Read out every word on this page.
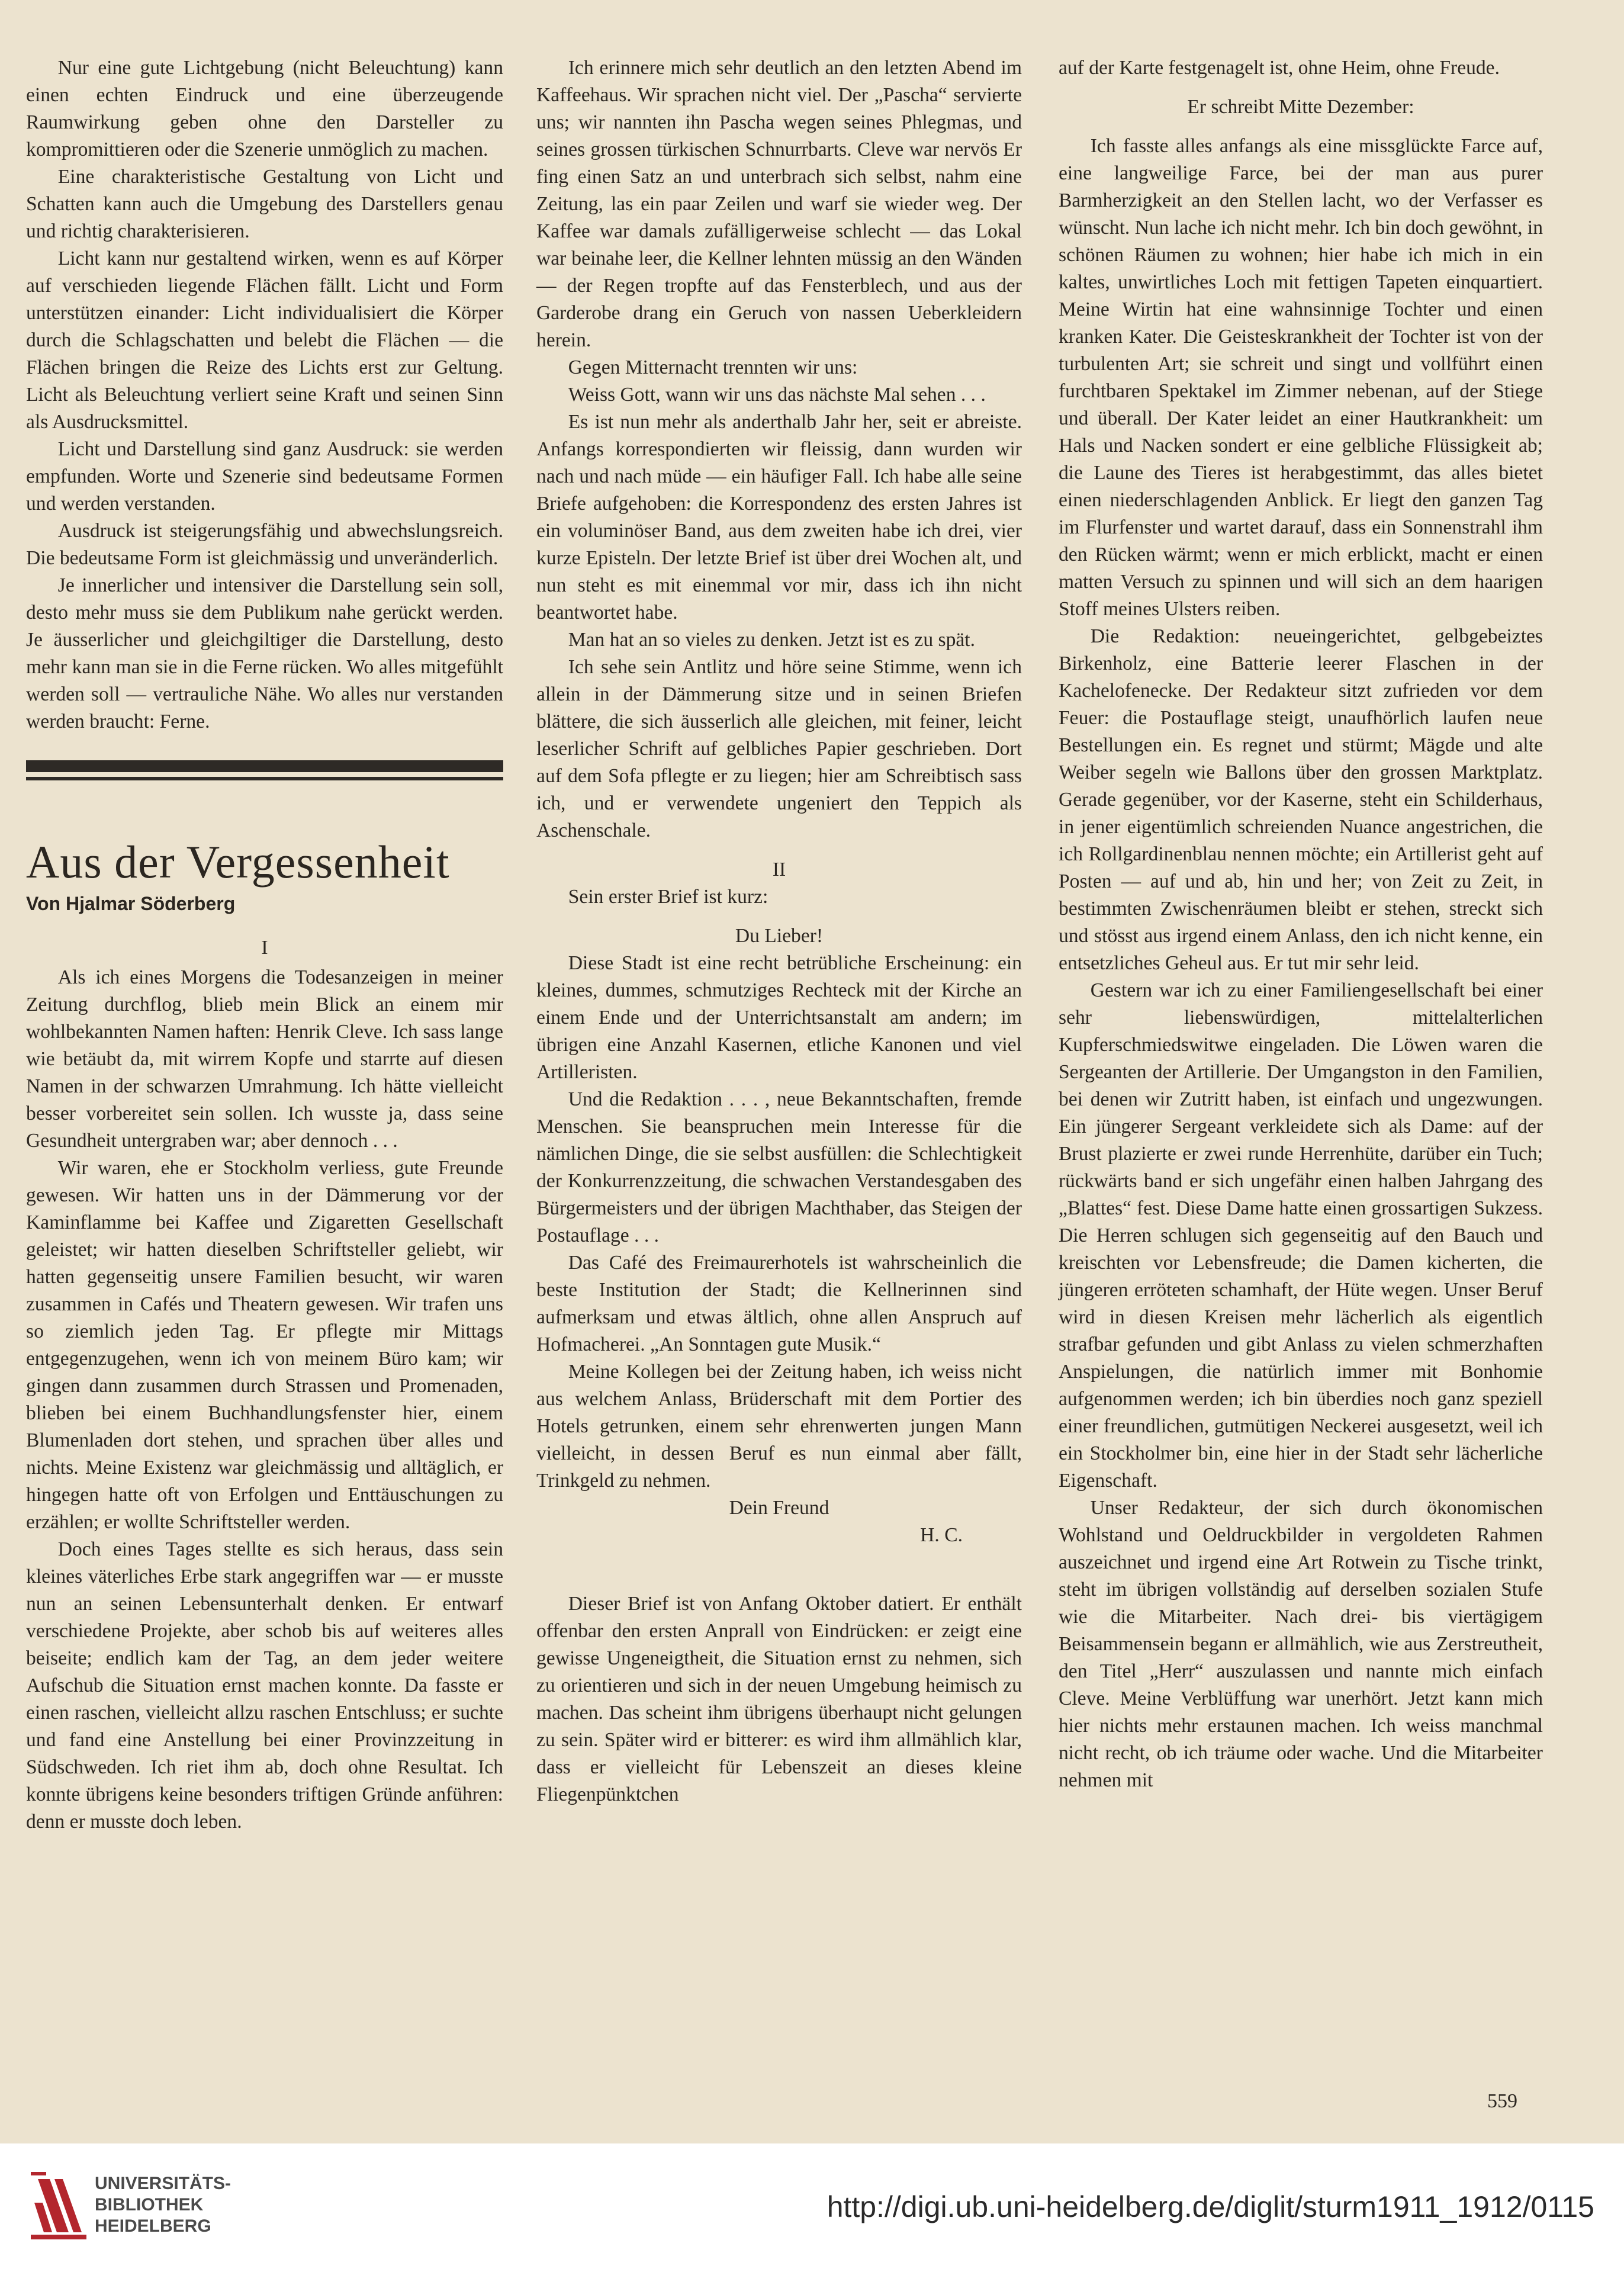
Nur eine gute Lichtgebung (nicht Beleuchtung) kann einen echten Eindruck und eine überzeugende Raumwirkung geben ohne den Darsteller zu kompromittieren oder die Szenerie unmöglich zu machen.

Eine charakteristische Gestaltung von Licht und Schatten kann auch die Umgebung des Darstellers genau und richtig charakterisieren.

Licht kann nur gestaltend wirken, wenn es auf Körper auf verschieden liegende Flächen fällt. Licht und Form unterstützen einander: Licht individualisiert die Körper durch die Schlagschatten und belebt die Flächen — die Flächen bringen die Reize des Lichts erst zur Geltung. Licht als Beleuchtung verliert seine Kraft und seinen Sinn als Ausdrucksmittel.

Licht und Darstellung sind ganz Ausdruck: sie werden empfunden. Worte und Szenerie sind bedeutsame Formen und werden verstanden.

Ausdruck ist steigerungsfähig und abwechslungsreich. Die bedeutsame Form ist gleichmässig und unveränderlich.

Je innerlicher und intensiver die Darstellung sein soll, desto mehr muss sie dem Publikum nahe gerückt werden. Je äusserlicher und gleichgiltiger die Darstellung, desto mehr kann man sie in die Ferne rücken. Wo alles mitgefühlt werden soll — vertrauliche Nähe. Wo alles nur verstanden werden braucht: Ferne.

Aus der Vergessenheit
Von Hjalmar Söderberg
I

Als ich eines Morgens die Todesanzeigen in meiner Zeitung durchflog, blieb mein Blick an einem mir wohlbekannten Namen haften: Henrik Cleve. Ich sass lange wie betäubt da, mit wirrem Kopfe und starrte auf diesen Namen in der schwarzen Umrahmung. Ich hätte vielleicht besser vorbereitet sein sollen. Ich wusste ja, dass seine Gesundheit untergraben war; aber dennoch . . .

Wir waren, ehe er Stockholm verliess, gute Freunde gewesen. Wir hatten uns in der Dämmerung vor der Kaminflamme bei Kaffee und Zigaretten Gesellschaft geleistet; wir hatten dieselben Schriftsteller geliebt, wir hatten gegenseitig unsere Familien besucht, wir waren zusammen in Cafés und Theatern gewesen. Wir trafen uns so ziemlich jeden Tag. Er pflegte mir Mittags entgegenzugehen, wenn ich von meinem Büro kam; wir gingen dann zusammen durch Strassen und Promenaden, blieben bei einem Buchhandlungsfenster hier, einem Blumenladen dort stehen, und sprachen über alles und nichts. Meine Existenz war gleichmässig und alltäglich, er hingegen hatte oft von Erfolgen und Enttäuschungen zu erzählen; er wollte Schriftsteller werden.

Doch eines Tages stellte es sich heraus, dass sein kleines väterliches Erbe stark angegriffen war — er musste nun an seinen Lebensunterhalt denken. Er entwarf verschiedene Projekte, aber schob bis auf weiteres alles beiseite; endlich kam der Tag, an dem jeder weitere Aufschub die Situation ernst machen konnte. Da fasste er einen raschen, vielleicht allzu raschen Entschluss; er suchte und fand eine Anstellung bei einer Provinzzeitung in Südschweden. Ich riet ihm ab, doch ohne Resultat. Ich konnte übrigens keine besonders triftigen Gründe anführen: denn er musste doch leben.

Ich erinnere mich sehr deutlich an den letzten Abend im Kaffeehaus. Wir sprachen nicht viel. Der „Pascha“ servierte uns; wir nannten ihn Pascha wegen seines Phlegmas, und seines grossen türkischen Schnurrbarts. Cleve war nervös Er fing einen Satz an und unterbrach sich selbst, nahm eine Zeitung, las ein paar Zeilen und warf sie wieder weg. Der Kaffee war damals zufälligerweise schlecht — das Lokal war beinahe leer, die Kellner lehnten müssig an den Wänden — der Regen tropfte auf das Fensterblech, und aus der Garderobe drang ein Geruch von nassen Ueberkleidern herein.

Gegen Mitternacht trennten wir uns:

Weiss Gott, wann wir uns das nächste Mal sehen . . .

Es ist nun mehr als anderthalb Jahr her, seit er abreiste. Anfangs korrespondierten wir fleissig, dann wurden wir nach und nach müde — ein häufiger Fall. Ich habe alle seine Briefe aufgehoben: die Korrespondenz des ersten Jahres ist ein voluminöser Band, aus dem zweiten habe ich drei, vier kurze Episteln. Der letzte Brief ist über drei Wochen alt, und nun steht es mit einemmal vor mir, dass ich ihn nicht beantwortet habe.

Man hat an so vieles zu denken. Jetzt ist es zu spät.

Ich sehe sein Antlitz und höre seine Stimme, wenn ich allein in der Dämmerung sitze und in seinen Briefen blättere, die sich äusserlich alle gleichen, mit feiner, leicht leserlicher Schrift auf gelbliches Papier geschrieben. Dort auf dem Sofa pflegte er zu liegen; hier am Schreibtisch sass ich, und er verwendete ungeniert den Teppich als Aschenschale.

II

Sein erster Brief ist kurz:

Du Lieber!

Diese Stadt ist eine recht betrübliche Erscheinung: ein kleines, dummes, schmutziges Rechteck mit der Kirche an einem Ende und der Unterrichtsanstalt am andern; im übrigen eine Anzahl Kasernen, etliche Kanonen und viel Artilleristen.

Und die Redaktion . . . , neue Bekanntschaften, fremde Menschen. Sie beanspruchen mein Interesse für die nämlichen Dinge, die sie selbst ausfüllen: die Schlechtigkeit der Konkurrenzzeitung, die schwachen Verstandesgaben des Bürgermeisters und der übrigen Machthaber, das Steigen der Postauflage . . .

Das Café des Freimaurerhotels ist wahrscheinlich die beste Institution der Stadt; die Kellnerinnen sind aufmerksam und etwas ältlich, ohne allen Anspruch auf Hofmacherei. „An Sonntagen gute Musik.“

Meine Kollegen bei der Zeitung haben, ich weiss nicht aus welchem Anlass, Brüderschaft mit dem Portier des Hotels getrunken, einem sehr ehrenwerten jungen Mann vielleicht, in dessen Beruf es nun einmal aber fällt, Trinkgeld zu nehmen.

Dein Freund

H. C.

Dieser Brief ist von Anfang Oktober datiert. Er enthält offenbar den ersten Anprall von Eindrücken: er zeigt eine gewisse Ungeneigtheit, die Situation ernst zu nehmen, sich zu orientieren und sich in der neuen Umgebung heimisch zu machen. Das scheint ihm übrigens überhaupt nicht gelungen zu sein. Später wird er bitterer: es wird ihm allmählich klar, dass er vielleicht für Lebenszeit an dieses kleine Fliegenpünktchen

auf der Karte festgenagelt ist, ohne Heim, ohne Freude.

Er schreibt Mitte Dezember:

Ich fasste alles anfangs als eine missglückte Farce auf, eine langweilige Farce, bei der man aus purer Barmherzigkeit an den Stellen lacht, wo der Verfasser es wünscht. Nun lache ich nicht mehr. Ich bin doch gewöhnt, in schönen Räumen zu wohnen; hier habe ich mich in ein kaltes, unwirtliches Loch mit fettigen Tapeten einquartiert. Meine Wirtin hat eine wahnsinnige Tochter und einen kranken Kater. Die Geisteskrankheit der Tochter ist von der turbulenten Art; sie schreit und singt und vollführt einen furchtbaren Spektakel im Zimmer nebenan, auf der Stiege und überall. Der Kater leidet an einer Hautkrankheit: um Hals und Nacken sondert er eine gelbliche Flüssigkeit ab; die Laune des Tieres ist herabgestimmt, das alles bietet einen niederschlagenden Anblick. Er liegt den ganzen Tag im Flurfenster und wartet darauf, dass ein Sonnenstrahl ihm den Rücken wärmt; wenn er mich erblickt, macht er einen matten Versuch zu spinnen und will sich an dem haarigen Stoff meines Ulsters reiben.

Die Redaktion: neueingerichtet, gelbgebeiztes Birkenholz, eine Batterie leerer Flaschen in der Kachelofenecke. Der Redakteur sitzt zufrieden vor dem Feuer: die Postauflage steigt, unaufhörlich laufen neue Bestellungen ein. Es regnet und stürmt; Mägde und alte Weiber segeln wie Ballons über den grossen Marktplatz. Gerade gegenüber, vor der Kaserne, steht ein Schilderhaus, in jener eigentümlich schreienden Nuance angestrichen, die ich Rollgardinenblau nennen möchte; ein Artillerist geht auf Posten — auf und ab, hin und her; von Zeit zu Zeit, in bestimmten Zwischenräumen bleibt er stehen, streckt sich und stösst aus irgend einem Anlass, den ich nicht kenne, ein entsetzliches Geheul aus. Er tut mir sehr leid.

Gestern war ich zu einer Familiengesellschaft bei einer sehr liebenswürdigen, mittelalterlichen Kupferschmiedswitwe eingeladen. Die Löwen waren die Sergeanten der Artillerie. Der Umgangston in den Familien, bei denen wir Zutritt haben, ist einfach und ungezwungen. Ein jüngerer Sergeant verkleidete sich als Dame: auf der Brust plazierte er zwei runde Herrenhüte, darüber ein Tuch; rückwärts band er sich ungefähr einen halben Jahrgang des „Blattes“ fest. Diese Dame hatte einen grossartigen Sukzess. Die Herren schlugen sich gegenseitig auf den Bauch und kreischten vor Lebensfreude; die Damen kicherten, die jüngeren erröteten schamhaft, der Hüte wegen. Unser Beruf wird in diesen Kreisen mehr lächerlich als eigentlich strafbar gefunden und gibt Anlass zu vielen schmerzhaften Anspielungen, die natürlich immer mit Bonhomie aufgenommen werden; ich bin überdies noch ganz speziell einer freundlichen, gutmütigen Neckerei ausgesetzt, weil ich ein Stockholmer bin, eine hier in der Stadt sehr lächerliche Eigenschaft.

Unser Redakteur, der sich durch ökonomischen Wohlstand und Oeldruckbilder in vergoldeten Rahmen auszeichnet und irgend eine Art Rotwein zu Tische trinkt, steht im übrigen vollständig auf derselben sozialen Stufe wie die Mitarbeiter. Nach drei- bis viertägigem Beisammensein begann er allmählich, wie aus Zerstreutheit, den Titel „Herr“ auszulassen und nannte mich einfach Cleve. Meine Verblüffung war unerhört. Jetzt kann mich hier nichts mehr erstaunen machen. Ich weiss manchmal nicht recht, ob ich träume oder wache. Und die Mitarbeiter nehmen mit

559
UNIVERSITÄTS-
BIBLIOTHEK
HEIDELBERG
http://digi.ub.uni-heidelberg.de/diglit/sturm1911_1912/0115
